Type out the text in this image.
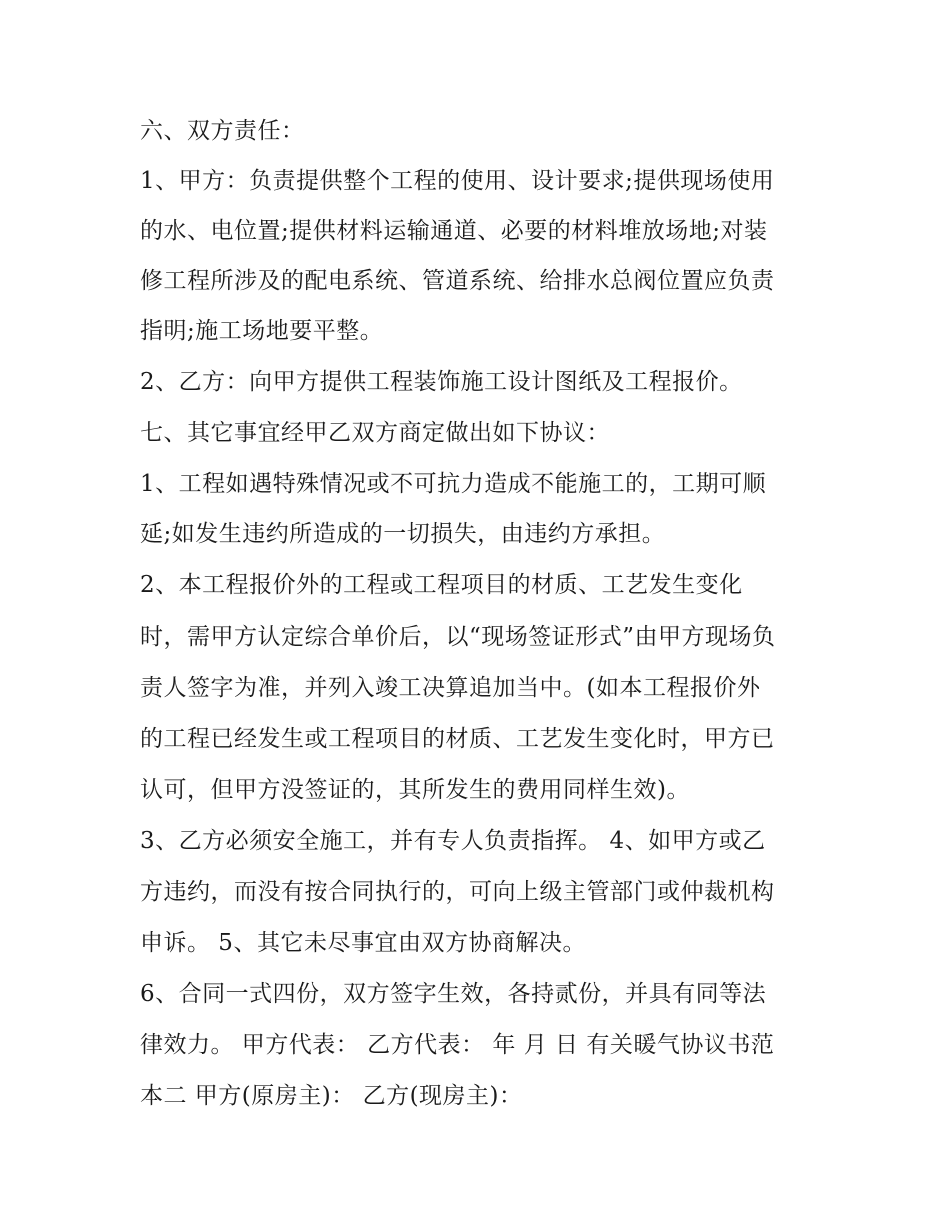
六、双方责任：
1、甲方：负责提供整个工程的使用、设计要求;提供现场使用
的水、电位置;提供材料运输通道、必要的材料堆放场地;对装
修工程所涉及的配电系统、管道系统、给排水总阀位置应负责
指明;施工场地要平整。
2、乙方：向甲方提供工程装饰施工设计图纸及工程报价。
七、其它事宜经甲乙双方商定做出如下协议：
1、工程如遇特殊情况或不可抗力造成不能施工的，工期可顺
延;如发生违约所造成的一切损失，由违约方承担。
2、本工程报价外的工程或工程项目的材质、工艺发生变化
时，需甲方认定综合单价后，以“现场签证形式”由甲方现场负
责人签字为准，并列入竣工决算追加当中。(如本工程报价外
的工程已经发生或工程项目的材质、工艺发生变化时，甲方已
认可，但甲方没签证的，其所发生的费用同样生效)。
3、乙方必须安全施工，并有专人负责指挥。 4、如甲方或乙
方违约，而没有按合同执行的，可向上级主管部门或仲裁机构
申诉。 5、其它未尽事宜由双方协商解决。
6、合同一式四份，双方签字生效，各持贰份，并具有同等法
律效力。 甲方代表： 乙方代表： 年 月 日 有关暖气协议书范
本二 甲方(原房主)： 乙方(现房主)：
